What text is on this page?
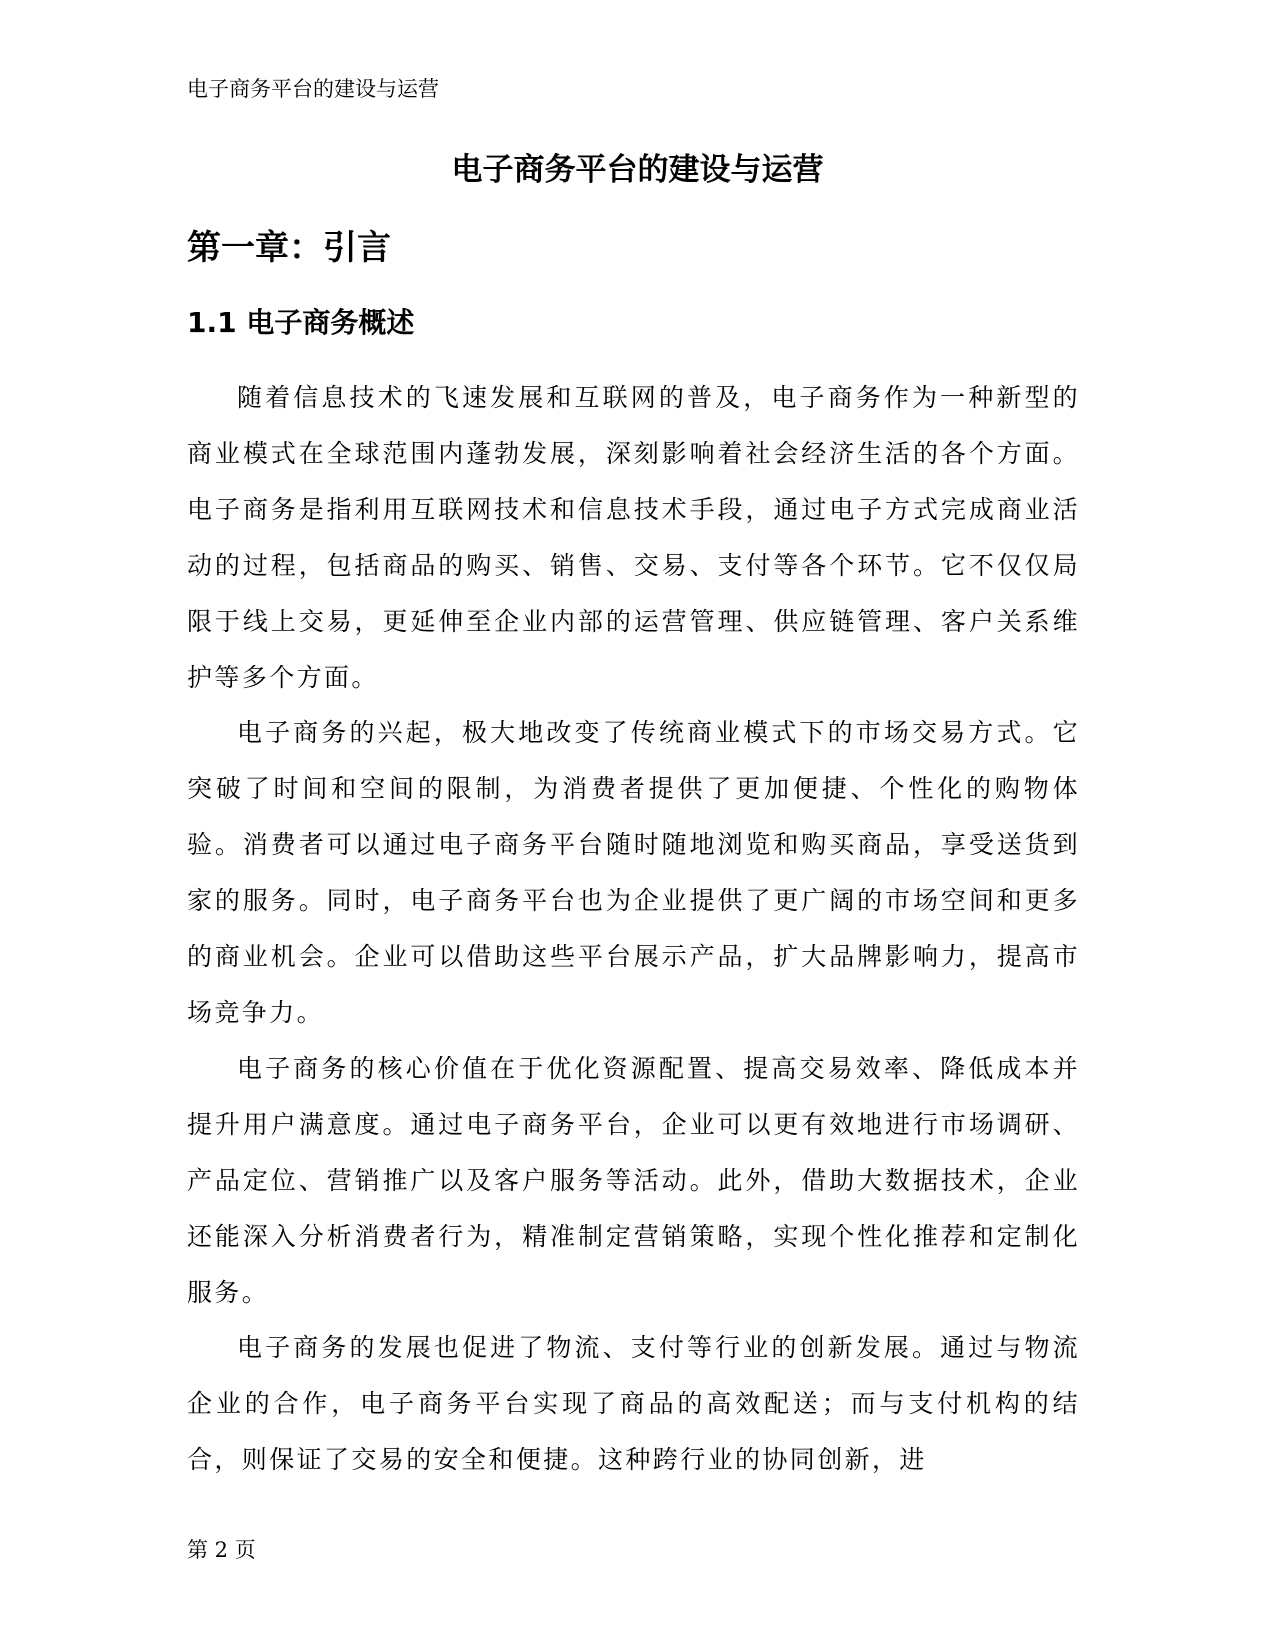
电子商务平台的建设与运营
电子商务平台的建设与运营
第一章：引言
1.1 电子商务概述

随着信息技术的飞速发展和互联网的普及，电子商务作为一种新型的商业模式在全球范围内蓬勃发展，深刻影响着社会经济生活的各个方面。电子商务是指利用互联网技术和信息技术手段，通过电子方式完成商业活动的过程，包括商品的购买、销售、交易、支付等各个环节。它不仅仅局限于线上交易，更延伸至企业内部的运营管理、供应链管理、客户关系维护等多个方面。

电子商务的兴起，极大地改变了传统商业模式下的市场交易方式。它突破了时间和空间的限制，为消费者提供了更加便捷、个性化的购物体验。消费者可以通过电子商务平台随时随地浏览和购买商品，享受送货到家的服务。同时，电子商务平台也为企业提供了更广阔的市场空间和更多的商业机会。企业可以借助这些平台展示产品，扩大品牌影响力，提高市场竞争力。

电子商务的核心价值在于优化资源配置、提高交易效率、降低成本并提升用户满意度。通过电子商务平台，企业可以更有效地进行市场调研、产品定位、营销推广以及客户服务等活动。此外，借助大数据技术，企业还能深入分析消费者行为，精准制定营销策略，实现个性化推荐和定制化服务。

电子商务的发展也促进了物流、支付等行业的创新发展。通过与物流企业的合作，电子商务平台实现了商品的高效配送；而与支付机构的结合，则保证了交易的安全和便捷。这种跨行业的协同创新，进

第 2 页
